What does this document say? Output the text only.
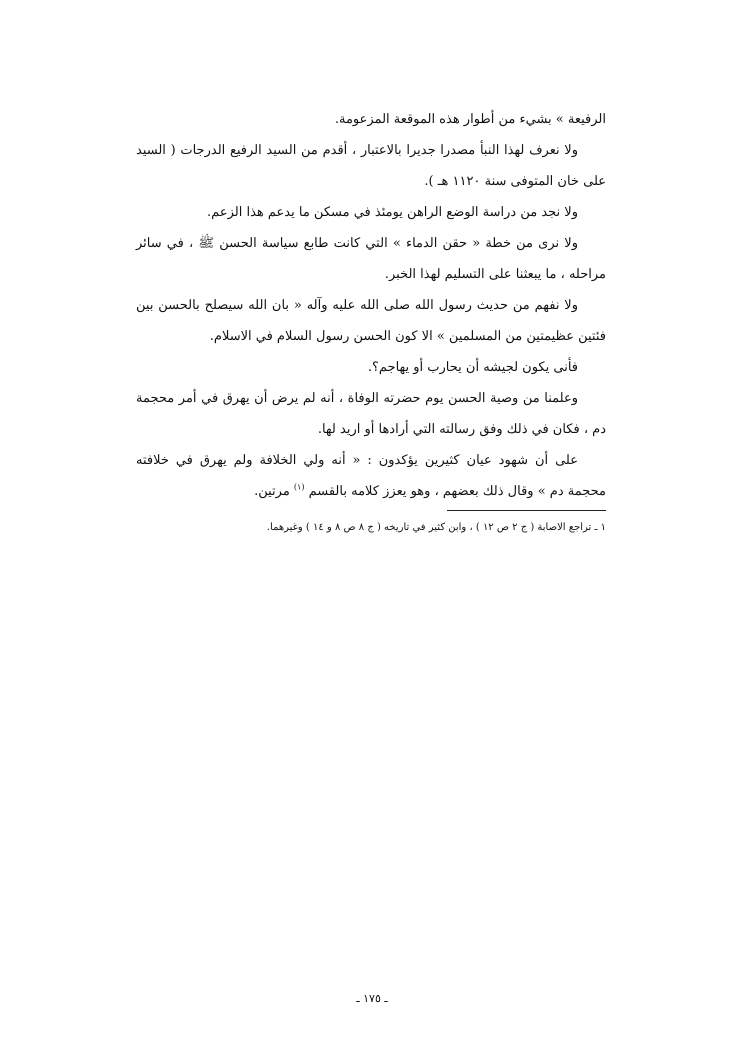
الرفيعة » بشيء من أطوار هذه الموقعة المزعومة.

ولا نعرف لهذا النبأ مصدرا جديرا بالاعتبار ، أقدم من السيد الرفيع الدرجات ( السيد على خان المتوفى سنة ١١٢٠ هـ ).

ولا نجد من دراسة الوضع الراهن يومئذ في مسكن ما يدعم هذا الزعم.

ولا نرى من خطة « حقن الدماء » التي كانت طابع سياسة الحسن ﷺ ، في سائر مراحله ، ما يبعثنا على التسليم لهذا الخبر.

ولا نفهم من حديث رسول الله صلى الله عليه وآله « بان الله سيصلح بالحسن بين فئتين عظيمتين من المسلمين » الا كون الحسن رسول السلام في الاسلام.

فأنى يكون لجيشه أن يحارب أو يهاجم؟.

وعلمنا من وصية الحسن يوم حضرته الوفاة ، أنه لم يرض أن يهرق في أمر محجمة دم ، فكان في ذلك وفق رسالته التي أرادها أو اريد لها.

على أن شهود عيان كثيرين يؤكدون : « أنه ولي الخلافة ولم يهرق في خلافته محجمة دم » وقال ذلك بعضهم ، وهو يعزز كلامه بالقسم $^{(١)}$ مرتين.

١ ـ تراجع الاصابة ( ج ٢ ص ١٢ ) ، وابن كثير في تاريخه ( ج ٨ ص ٨ و ١٤ ) وغيرهما.
ـ ١٧٥ ـ
